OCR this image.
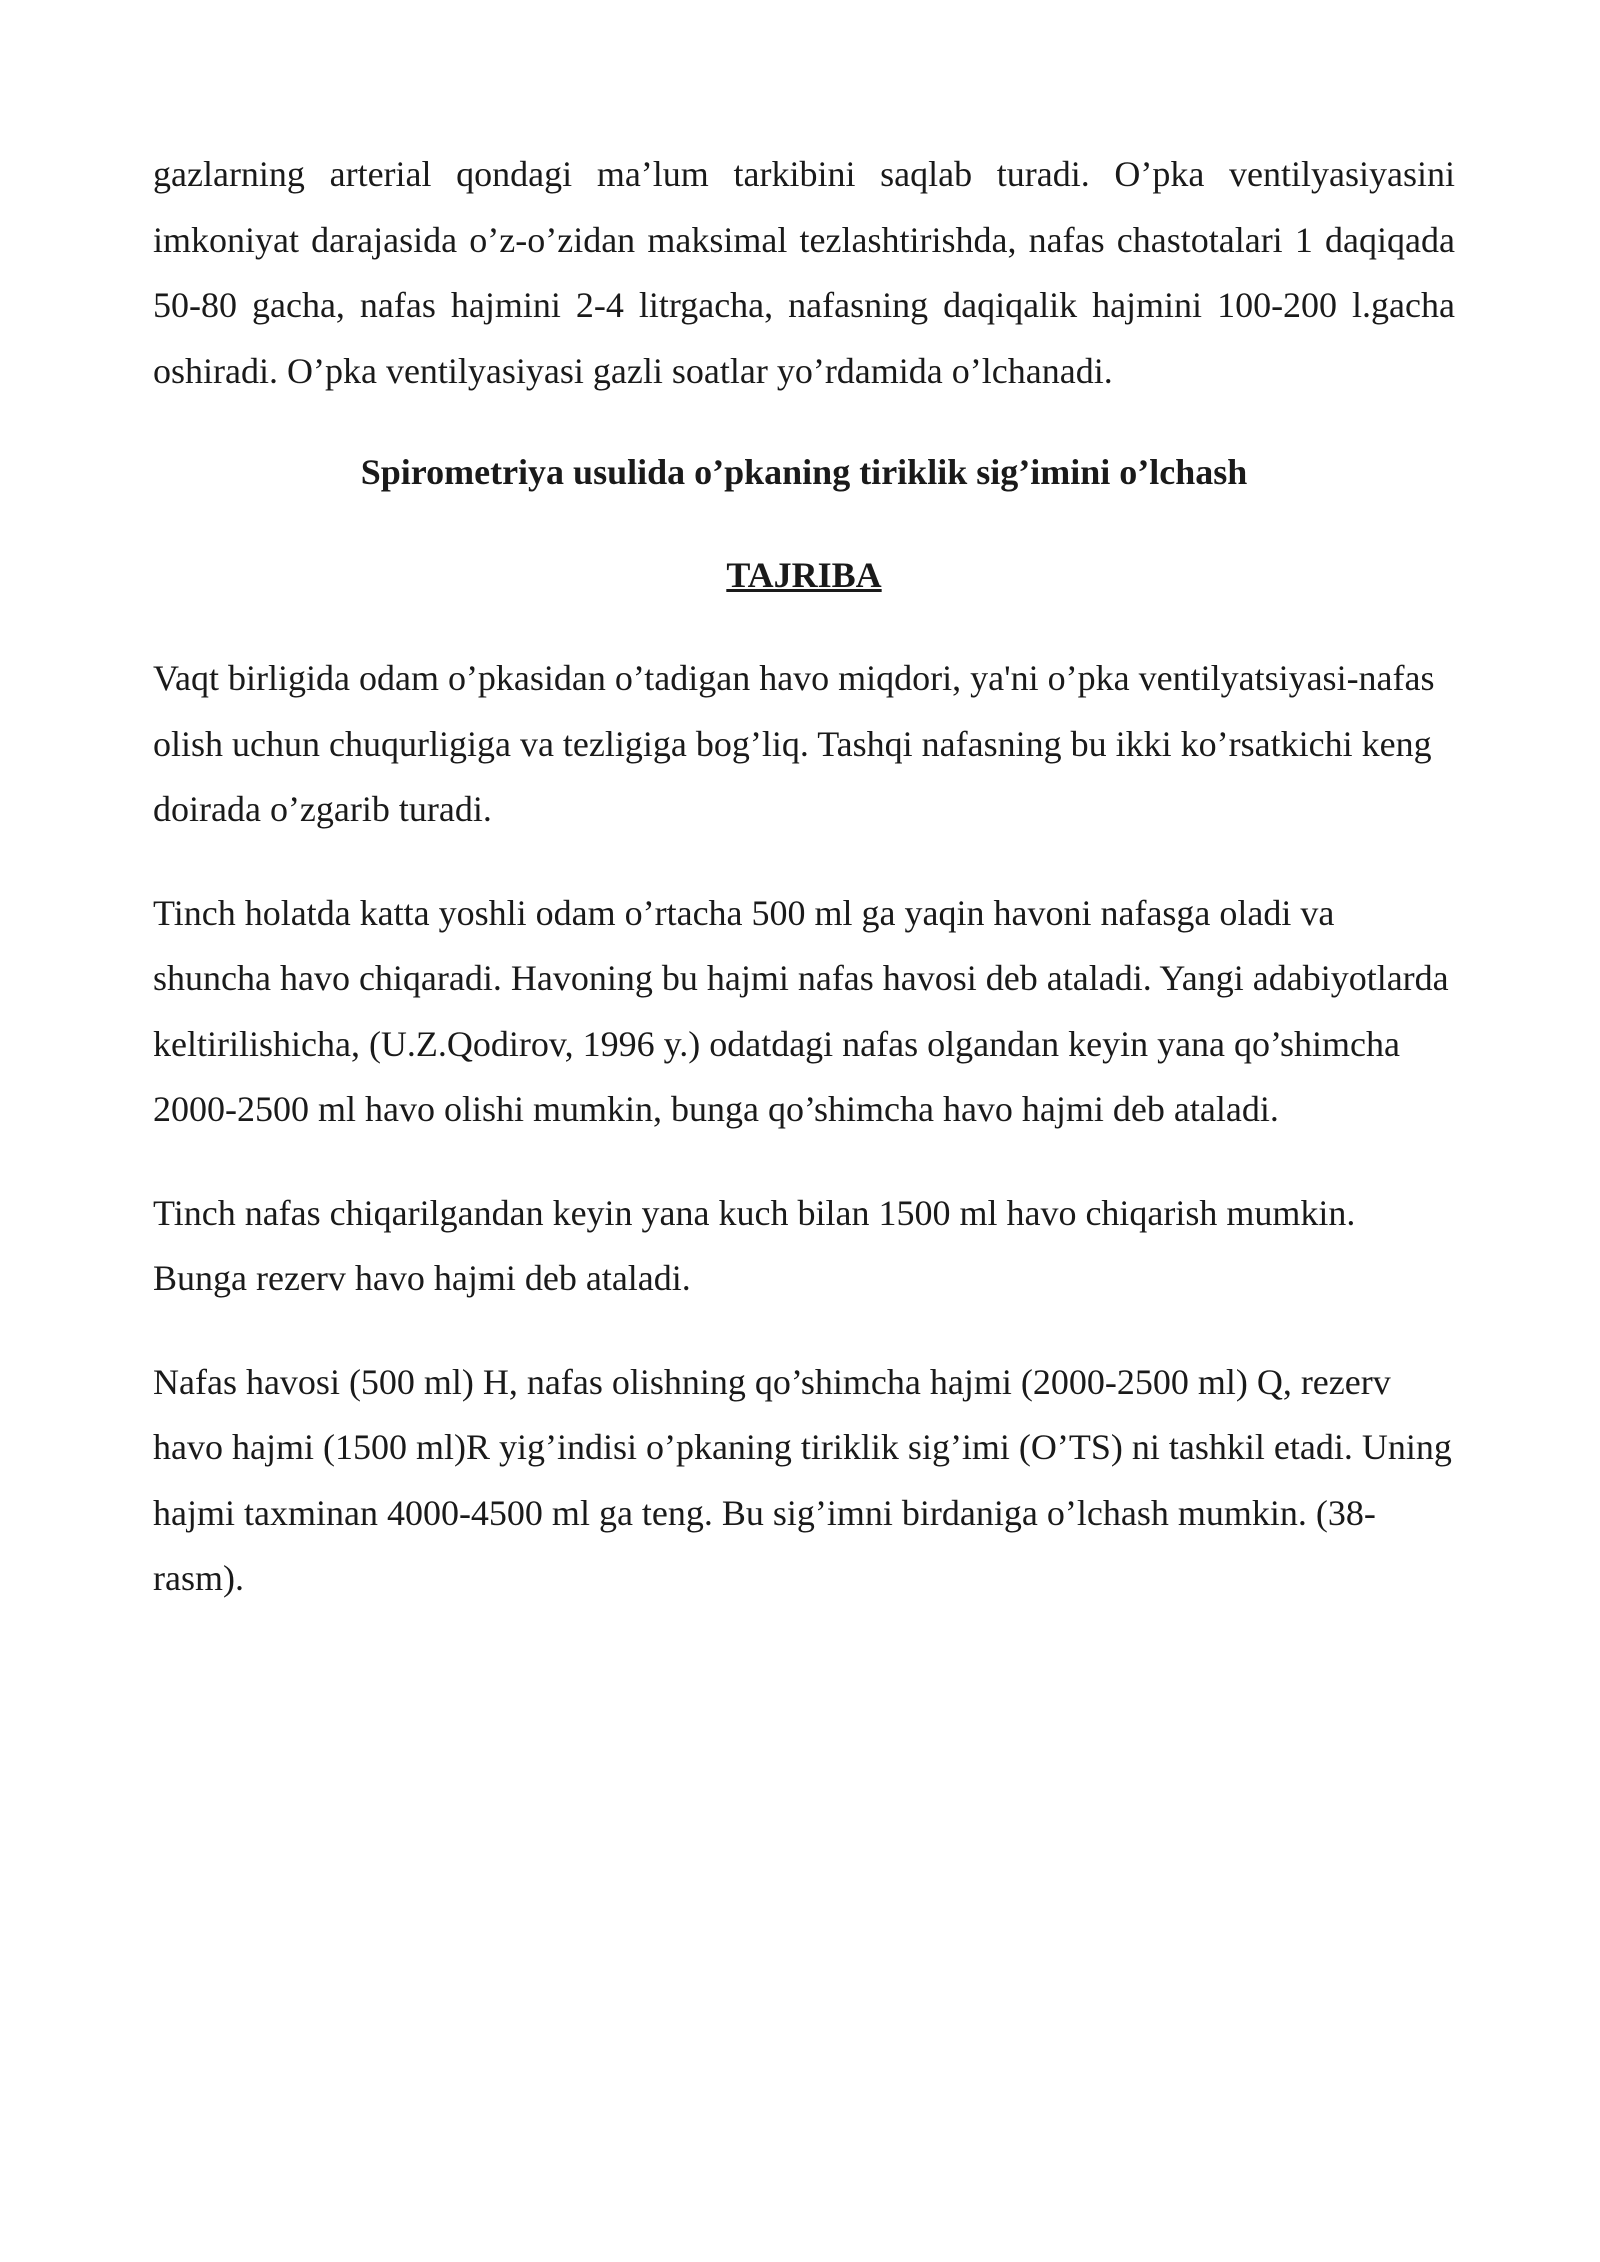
gazlarning arterial qondagi ma’lum tarkibini saqlab turadi. O’pka ventilyasiyasini imkoniyat darajasida o’z-o’zidan maksimal tezlashtirishda, nafas chastotalari 1 daqiqada 50-80 gacha, nafas hajmini 2-4 litrgacha, nafasning daqiqalik hajmini 100-200 l.gacha oshiradi. O’pka ventilyasiyasi gazli soatlar yo’rdamida o’lchanadi.

Spirometriya usulida o’pkaning tiriklik sig’imini o’lchash
TAJRIBA

Vaqt birligida odam o’pkasidan o’tadigan havo miqdori, ya'ni o’pka ventilyatsiyasi-nafas olish uchun chuqurligiga va tezligiga bog’liq. Tashqi nafasning bu ikki ko’rsatkichi keng doirada o’zgarib turadi.

Tinch holatda katta yoshli odam o’rtacha 500 ml ga yaqin havoni nafasga oladi va shuncha havo chiqaradi. Havoning bu hajmi nafas havosi deb ataladi. Yangi adabiyotlarda keltirilishicha, (U.Z.Qodirov, 1996 y.) odatdagi nafas olgandan keyin yana qo’shimcha 2000-2500 ml havo olishi mumkin, bunga qo’shimcha havo hajmi deb ataladi.

Tinch nafas chiqarilgandan keyin yana kuch bilan 1500 ml havo chiqarish mumkin. Bunga rezerv havo hajmi deb ataladi.

Nafas havosi (500 ml) H, nafas olishning qo’shimcha hajmi (2000-2500 ml) Q, rezerv havo hajmi (1500 ml)R yig’indisi o’pkaning tiriklik sig’imi (O’TS) ni tashkil etadi. Uning hajmi taxminan 4000-4500 ml ga teng. Bu sig’imni birdaniga o’lchash mumkin. (38-rasm).
